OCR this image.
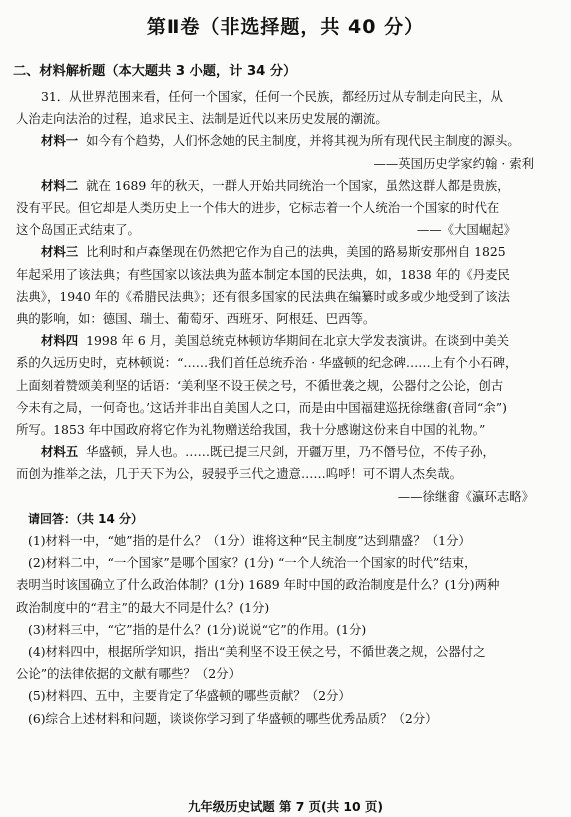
第Ⅱ卷（非选择题，共 40 分）
二、材料解析题（本大题共 3 小题，计 34 分）

31．从世界范围来看，任何一个国家，任何一个民族，都经历过从专制走向民主，从

人治走向法治的过程，追求民主、法制是近代以来历史发展的潮流。

材料一 如今有个趋势，人们怀念她的民主制度，并将其视为所有现代民主制度的源头。

——英国历史学家约翰 · 索利

材料二 就在 1689 年的秋天，一群人开始共同统治一个国家，虽然这群人都是贵族，

没有平民。但它却是人类历史上一个伟大的进步，它标志着一个人统治一个国家的时代在

这个岛国正式结束了。	——《大国崛起》

材料三 比利时和卢森堡现在仍然把它作为自己的法典，美国的路易斯安那州自 1825

年起采用了该法典；有些国家以该法典为蓝本制定本国的民法典，如，1838 年的《丹麦民

法典》，1940 年的《希腊民法典》；还有很多国家的民法典在编纂时或多或少地受到了该法

典的影响，如：德国、瑞士、葡萄牙、西班牙、阿根廷、巴西等。

材料四 1998 年 6 月，美国总统克林顿访华期间在北京大学发表演讲。在谈到中美关

系的久远历史时，克林顿说：“……我们首任总统乔治 · 华盛顿的纪念碑……上有个小石碑，

上面刻着赞颂美利坚的话语：‘美利坚不设王侯之号，不循世袭之规，公器付之公论，创古

今未有之局，一何奇也。’这话并非出自美国人之口，而是由中国福建巡抚徐继畬(音同“余”)

所写。1853 年中国政府将它作为礼物赠送给我国，我十分感谢这份来自中国的礼物。”

材料五 华盛顿，异人也。……既已提三尺剑，开疆万里，乃不僭号位，不传子孙，

而创为推举之法，几于天下为公，骎骎乎三代之遗意……呜呼！可不谓人杰矣哉。

——徐继畬《瀛环志略》

请回答：（共 14 分）

(1)材料一中，“她”指的是什么？（1分）谁将这种“民主制度”达到鼎盛？（1分）

(2)材料二中，“一个国家”是哪个国家？(1分) “一个人统治一个国家的时代”结束，

表明当时该国确立了什么政治体制？(1分) 1689 年时中国的政治制度是什么？(1分)两种

政治制度中的“君主”的最大不同是什么？(1分)

(3)材料三中，“它”指的是什么？(1分)说说“它”的作用。(1分)

(4)材料四中，根据所学知识，指出“美利坚不设王侯之号，不循世袭之规，公器付之

公论”的法律依据的文献有哪些？（2分）

(5)材料四、五中，主要肯定了华盛顿的哪些贡献？（2分）

(6)综合上述材料和问题，谈谈你学习到了华盛顿的哪些优秀品质？（2分）

九年级历史试题 第 7 页(共 10 页)
